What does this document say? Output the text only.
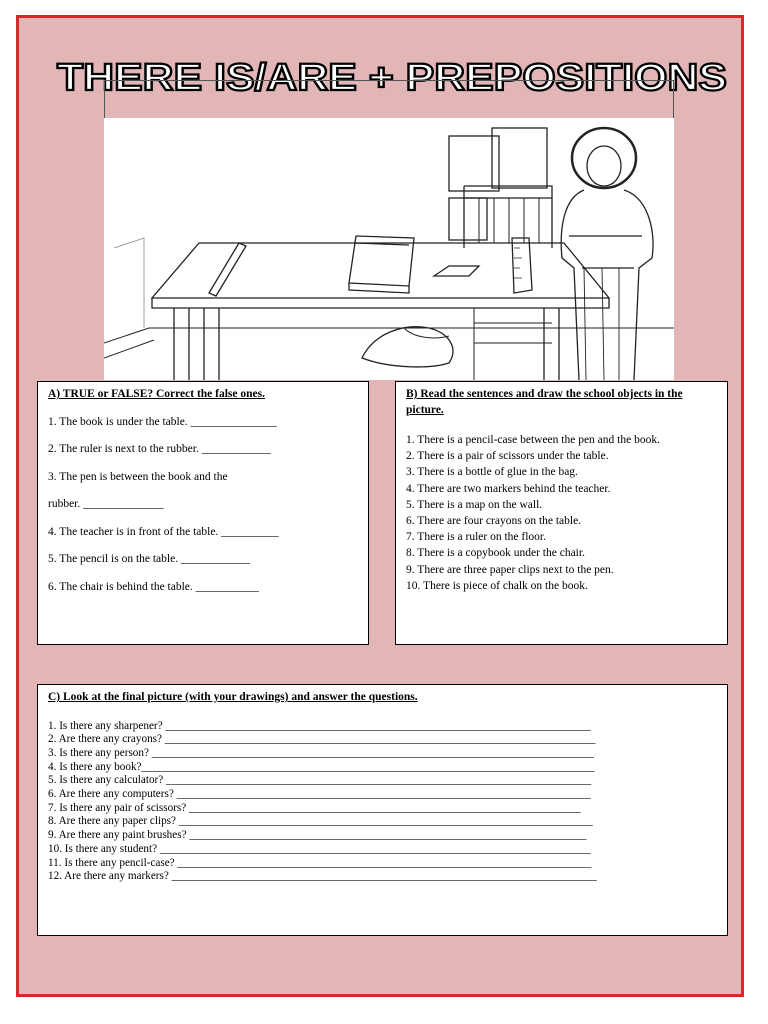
THERE IS/ARE + PREPOSITIONS
A) TRUE or FALSE? Correct the false ones.
1. The book is under the table. _______________
2. The ruler is next to the rubber. ____________
3. The pen is between the book and the
rubber. ______________
4. The teacher is in front of the table. __________
5. The pencil is on the table. ____________
6. The chair is behind the table. ___________
B) Read the sentences and draw the school objects in the picture.
1. There is a pencil-case between the pen and the book.
2. There is a pair of scissors under the table.
3. There is a bottle of glue in the bag.
4. There are two markers behind the teacher.
5. There is a map on the wall.
6. There are four crayons on the table.
7. There is a ruler on the floor.
8. There is a copybook under the chair.
9. There are three paper clips next to the pen.
10. There is piece of chalk on the book.
C) Look at the final picture (with your drawings) and answer the questions.
1. Is there any sharpener? ____________________________________________________________________________
2. Are there any crayons? _____________________________________________________________________________
3. Is there any person? _______________________________________________________________________________
4. Is there any book?_________________________________________________________________________________
5. Is there any calculator? ____________________________________________________________________________
6. Are there any computers? __________________________________________________________________________
7. Is there any pair of scissors? ______________________________________________________________________
8. Are there any paper clips? __________________________________________________________________________
9. Are there any paint brushes? _______________________________________________________________________
10. Is there any student? _____________________________________________________________________________
11. Is there any pencil-case? __________________________________________________________________________
12. Are there any markers? ____________________________________________________________________________
